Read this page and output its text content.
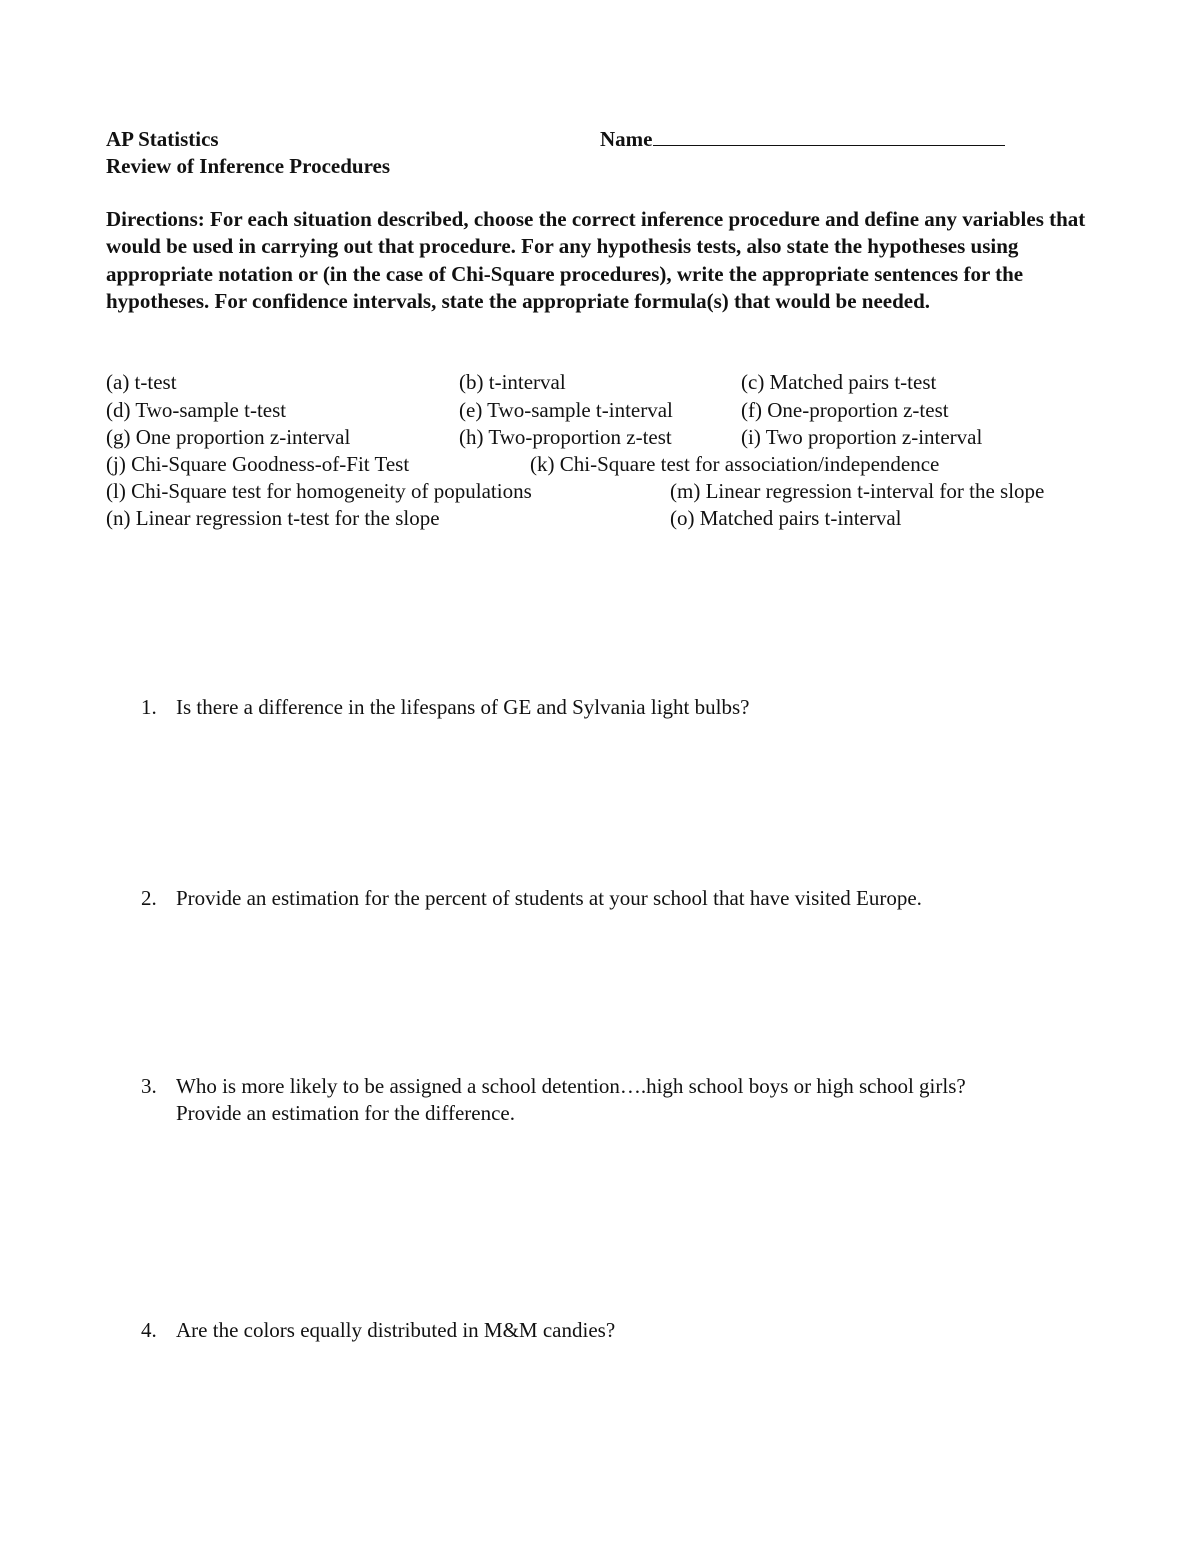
AP Statistics
Review of Inference Procedures
Name

Directions: For each situation described, choose the correct inference procedure and define any variables that would be used in carrying out that procedure. For any hypothesis tests, also state the hypotheses using appropriate notation or (in the case of Chi-Square procedures), write the appropriate sentences for the hypotheses. For confidence intervals, state the appropriate formula(s) that would be needed.

(a) t-test	(b) t-interval	(c) Matched pairs t-test
(d) Two-sample t-test	(e) Two-sample t-interval	(f) One-proportion z-test
(g) One proportion z-interval	(h) Two-proportion z-test	(i) Two proportion z-interval
(j) Chi-Square Goodness-of-Fit Test	(k) Chi-Square test for association/independence
(l) Chi-Square test for homogeneity of populations	(m) Linear regression t-interval for the slope
(n) Linear regression t-test for the slope	(o) Matched pairs t-interval
1. Is there a difference in the lifespans of GE and Sylvania light bulbs?
2. Provide an estimation for the percent of students at your school that have visited Europe.
3. Who is more likely to be assigned a school detention….high school boys or high school girls?
Provide an estimation for the difference.
4. Are the colors equally distributed in M&M candies?
